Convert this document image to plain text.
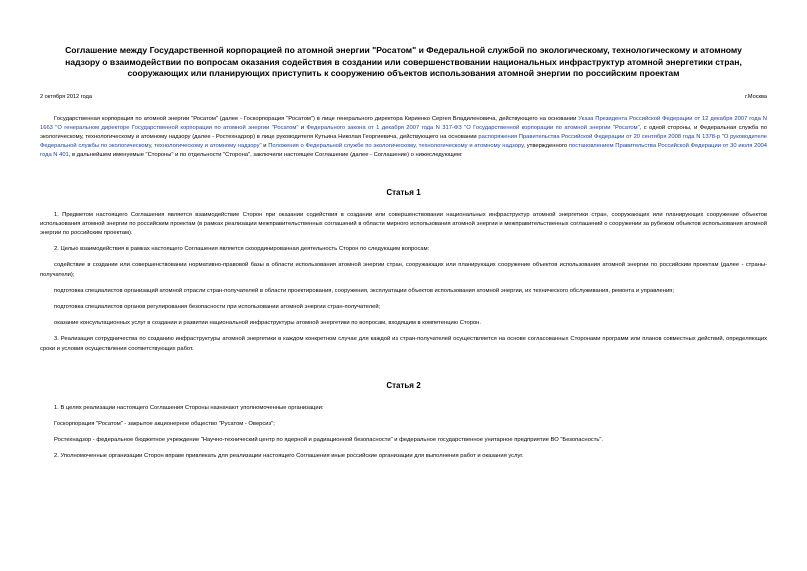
Соглашение между Государственной корпорацией по атомной энергии "Росатом" и Федеральной службой по экологическому, технологическому и атомному надзору о взаимодействии по вопросам оказания содействия в создании или совершенствовании национальных инфраструктур атомной энергетики стран, сооружающих или планирующих приступить к сооружению объектов использования атомной энергии по российским проектам
2 октября 2012 года	г.Москва

Государственная корпорация по атомной энергии "Росатом" (далее - Госкорпорация "Росатом") в лице генерального директора Кириенко Сергея Владиленовича, действующего на основании Указа Президента Российской Федерации от 12 декабря 2007 года N 1663 "О генеральном директоре Государственной корпорации по атомной энергии "Росатом" и Федерального закона от 1 декабря 2007 года N 317-ФЗ "О Государственной корпорации по атомной энергии "Росатом", с одной стороны, и Федеральная служба по экологическому, технологическому и атомному надзору (далее - Ростехнадзор) в лице руководителя Кутьина Николая Георгиевича, действующего на основании распоряжения Правительства Российской Федерации от 20 сентября 2008 года N 1378-р "О руководителе Федеральной службы по экологическому, технологическому и атомному надзору" и Положения о Федеральной службе по экологическому, технологическому и атомному надзору, утвержденного постановлением Правительства Российской Федерации от 30 июля 2004 года N 401, в дальнейшем именуемые "Стороны" и по отдельности "Сторона", заключили настоящее Соглашение (далее - Соглашение) о нижеследующем:

Статья 1

1. Предметом настоящего Соглашения является взаимодействие Сторон при оказании содействия в создании или совершенствовании национальных инфраструктур атомной энергетики стран, сооружающих или планирующих сооружение объектов использования атомной энергии по российским проектам (в рамках реализации межправительственных соглашений в области мирного использования атомной энергии и межправительственных соглашений о сооружении за рубежом объектов использования атомной энергии по российским проектам).

2. Целью взаимодействия в рамках настоящего Соглашения является скоординированная деятельность Сторон по следующим вопросам:

содействие в создании или совершенствовании нормативно-правовой базы в области использования атомной энергии стран, сооружающих или планирующих сооружение объектов использования атомной энергии по российским проектам (далее - страны-получатели);

подготовка специалистов организаций атомной отрасли стран-получателей в области проектирования, сооружения, эксплуатации объектов использования атомной энергии, их технического обслуживания, ремонта и управления;

подготовка специалистов органов регулирования безопасности при использовании атомной энергии стран-получателей;

оказание консультационных услуг в создании и развитии национальной инфраструктуры атомной энергетики по вопросам, входящим в компетенцию Сторон.

3. Реализация сотрудничества по созданию инфраструктуры атомной энергетики в каждом конкретном случае для каждой из стран-получателей осуществляется на основе согласованных Сторонами программ или планов совместных действий, определяющих сроки и условия осуществления соответствующих работ.

Статья 2

1. В целях реализации настоящего Соглашения Стороны назначают уполномоченные организации:

Госкорпорация "Росатом" - закрытое акционерное общество "Русатом - Оверсиз";

Ростехнадзор - федеральное бюджетное учреждение "Научно-технический центр по ядерной и радиационной безопасности" и федеральное государственное унитарное предприятие ВО "Безопасность".

2. Уполномоченные организации Сторон вправе привлекать для реализации настоящего Соглашения иные российские организации для выполнения работ и оказания услуг.
